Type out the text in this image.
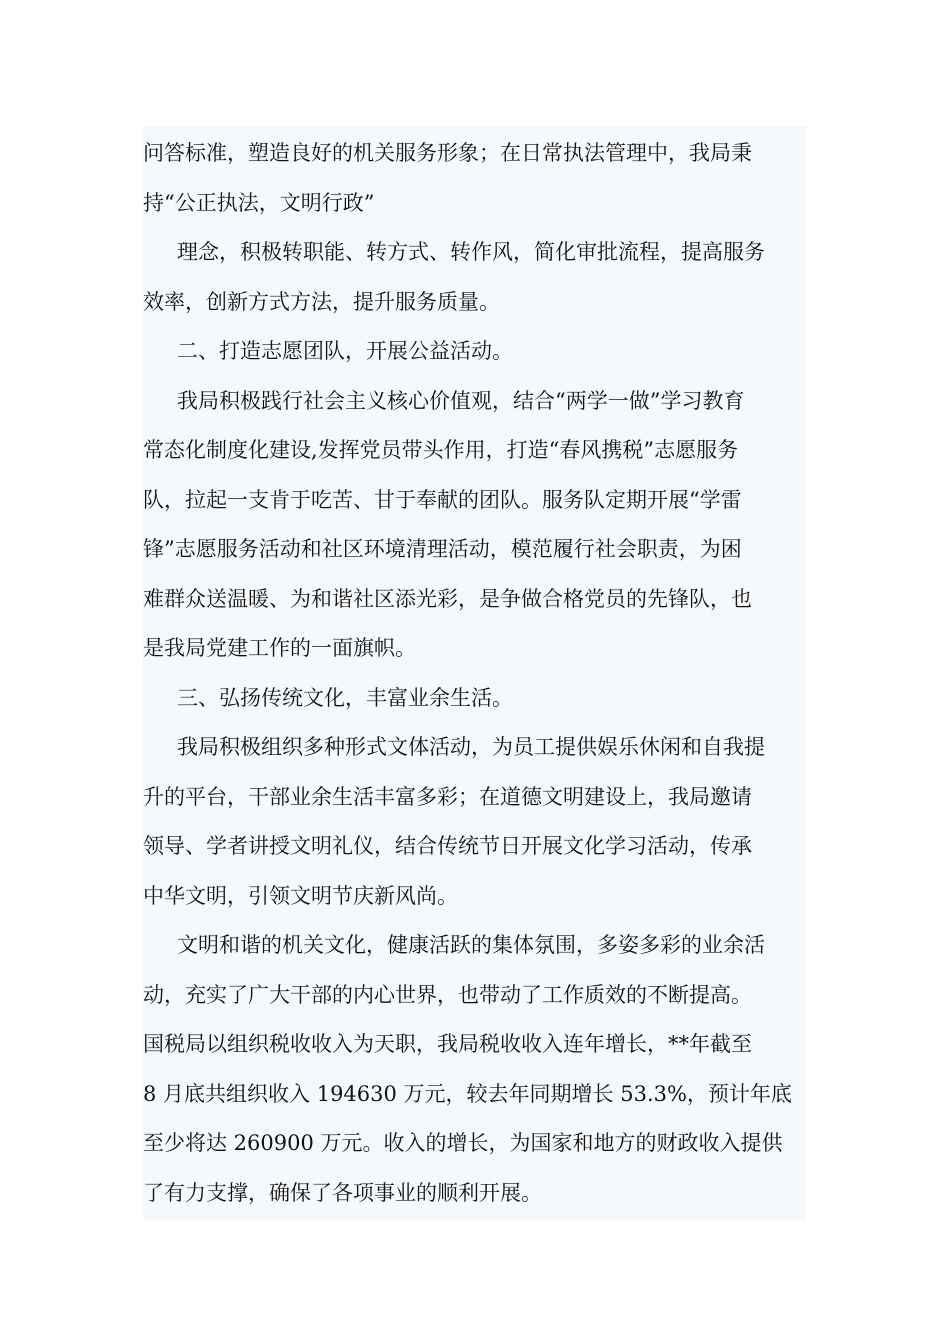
问答标准，塑造良好的机关服务形象；在日常执法管理中，我局秉
持“公正执法，文明行政”
理念，积极转职能、转方式、转作风，简化审批流程，提高服务
效率，创新方式方法，提升服务质量。
二、打造志愿团队，开展公益活动。
我局积极践行社会主义核心价值观，结合“两学一做”学习教育
常态化制度化建设,发挥党员带头作用，打造“春风携税”志愿服务
队，拉起一支肯于吃苦、甘于奉献的团队。服务队定期开展“学雷
锋”志愿服务活动和社区环境清理活动，模范履行社会职责，为困
难群众送温暖、为和谐社区添光彩，是争做合格党员的先锋队，也
是我局党建工作的一面旗帜。
三、弘扬传统文化，丰富业余生活。
我局积极组织多种形式文体活动，为员工提供娱乐休闲和自我提
升的平台，干部业余生活丰富多彩；在道德文明建设上，我局邀请
领导、学者讲授文明礼仪，结合传统节日开展文化学习活动，传承
中华文明，引领文明节庆新风尚。
文明和谐的机关文化，健康活跃的集体氛围，多姿多彩的业余活
动，充实了广大干部的内心世界，也带动了工作质效的不断提高。
国税局以组织税收收入为天职，我局税收收入连年增长，**年截至
8 月底共组织收入 194630 万元，较去年同期增长 53.3%，预计年底
至少将达 260900 万元。收入的增长，为国家和地方的财政收入提供
了有力支撑，确保了各项事业的顺利开展。
